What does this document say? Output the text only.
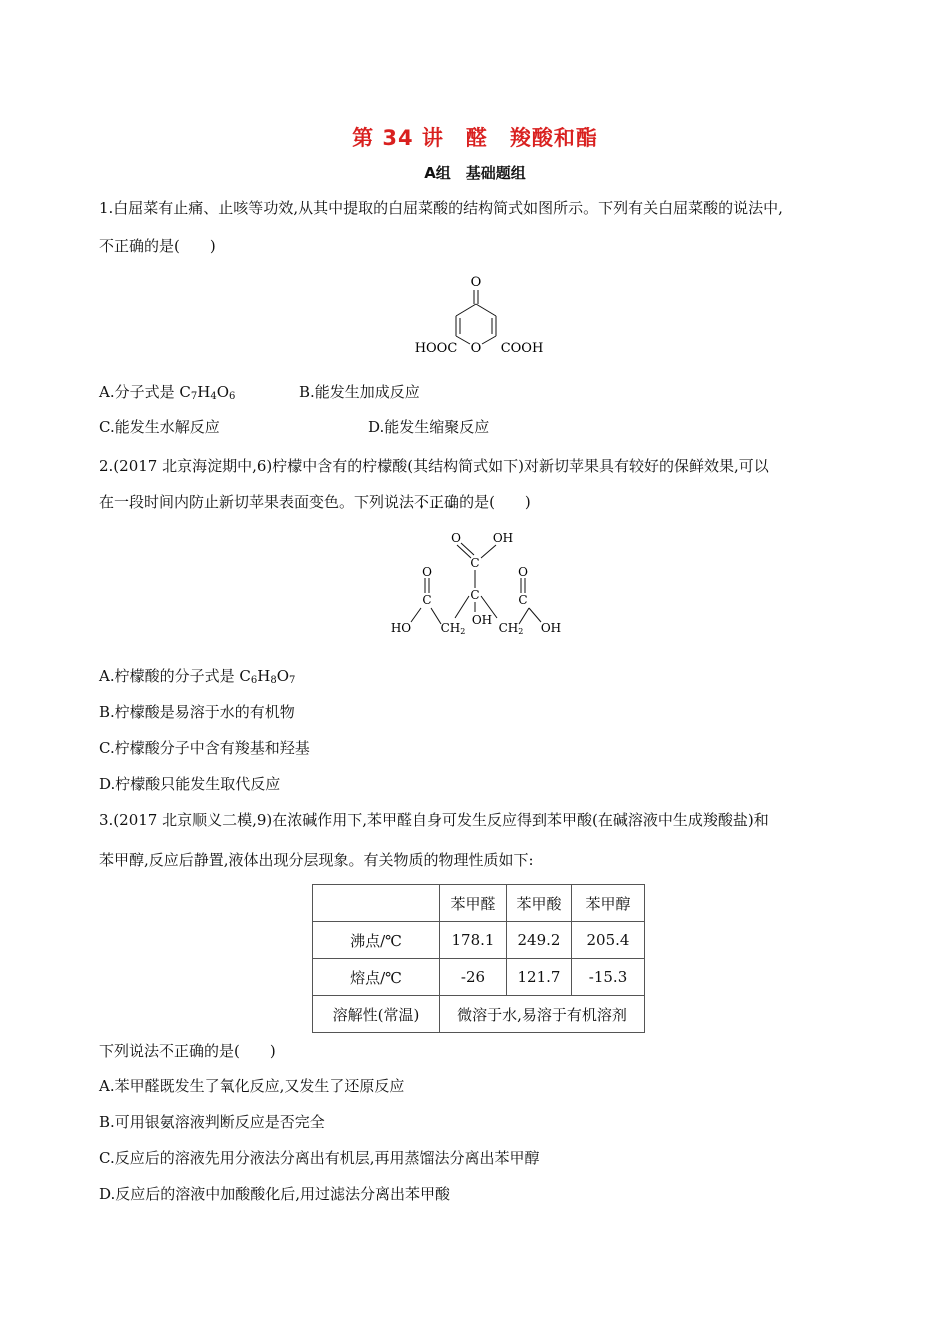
第 34 讲　醛　羧酸和酯
A组　基础题组
1.白屈菜有止痛、止咳等功效,从其中提取的白屈菜酸的结构简式如图所示。下列有关白屈菜酸的说法中,
不正确的是(　　)
O
HOOC O COOH
A.分子式是 $C_7H_4O_6$	B.能发生加成反应
C.能发生水解反应	D.能发生缩聚反应
2.(2017 北京海淀期中,6)柠檬中含有的柠檬酸(其结构简式如下)对新切苹果具有较好的保鲜效果,可以
在一段时间内防止新切苹果表面变色。下列说法不正确的是(　　)
O	OH
C
C
OH
CH2
C
O
HO	CH2
C
O
OH
A.柠檬酸的分子式是 $C_6H_8O_7$
B.柠檬酸是易溶于水的有机物
C.柠檬酸分子中含有羧基和羟基
D.柠檬酸只能发生取代反应
3.(2017 北京顺义二模,9)在浓碱作用下,苯甲醛自身可发生反应得到苯甲酸(在碱溶液中生成羧酸盐)和
苯甲醇,反应后静置,液体出现分层现象。有关物质的物理性质如下:
	苯甲醛	苯甲酸	苯甲醇
沸点/℃	178.1	249.2	205.4
熔点/℃	-26	121.7	-15.3
溶解性(常温)	微溶于水,易溶于有机溶剂		
下列说法不正确的是(　　)
A.苯甲醛既发生了氧化反应,又发生了还原反应
B.可用银氨溶液判断反应是否完全
C.反应后的溶液先用分液法分离出有机层,再用蒸馏法分离出苯甲醇
D.反应后的溶液中加酸酸化后,用过滤法分离出苯甲酸
